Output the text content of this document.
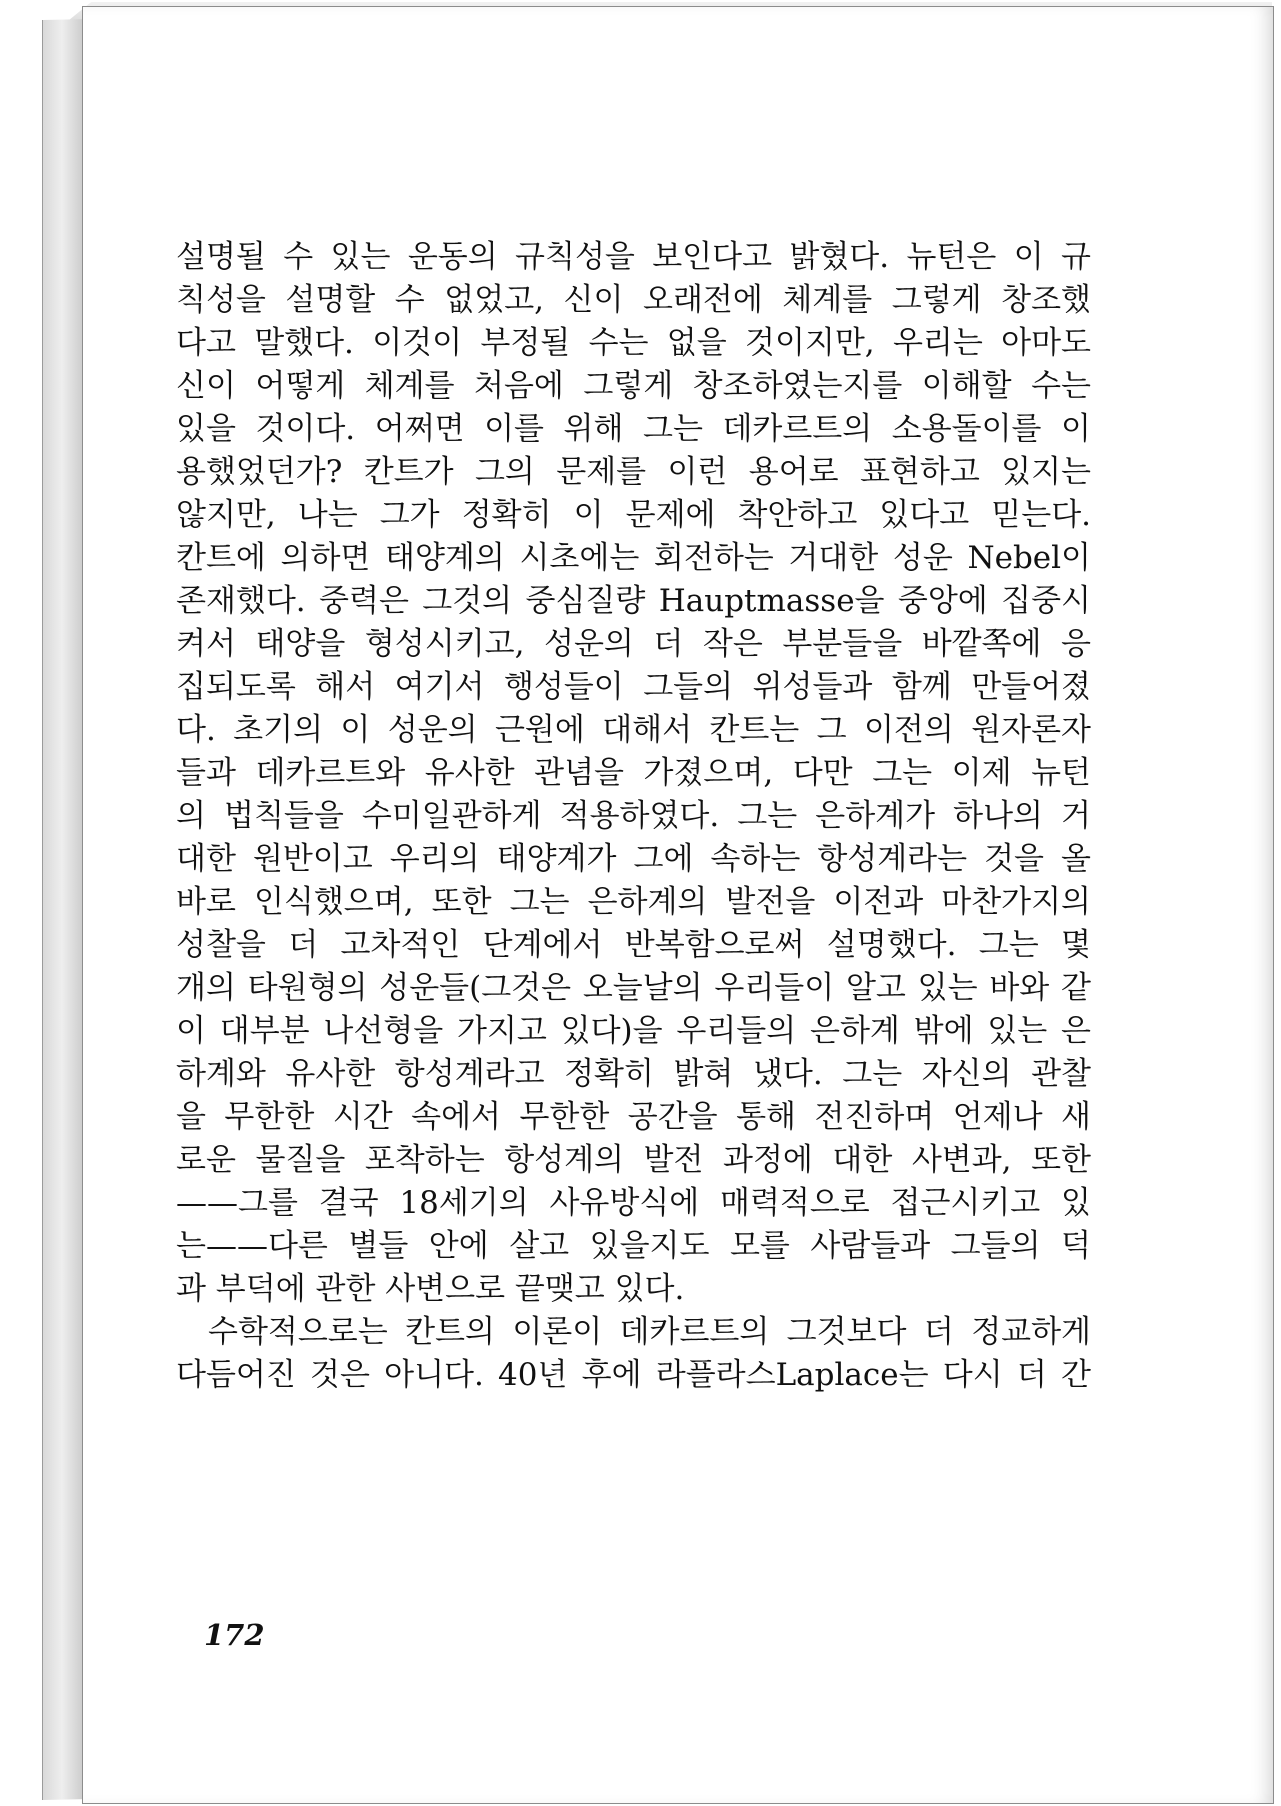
설명될 수 있는 운동의 규칙성을 보인다고 밝혔다. 뉴턴은 이 규
칙성을 설명할 수 없었고, 신이 오래전에 체계를 그렇게 창조했
다고 말했다. 이것이 부정될 수는 없을 것이지만, 우리는 아마도
신이 어떻게 체계를 처음에 그렇게 창조하였는지를 이해할 수는
있을 것이다. 어쩌면 이를 위해 그는 데카르트의 소용돌이를 이
용했었던가? 칸트가 그의 문제를 이런 용어로 표현하고 있지는
않지만, 나는 그가 정확히 이 문제에 착안하고 있다고 믿는다.
칸트에 의하면 태양계의 시초에는 회전하는 거대한 성운 Nebel이
존재했다. 중력은 그것의 중심질량 Hauptmasse을 중앙에 집중시
켜서 태양을 형성시키고, 성운의 더 작은 부분들을 바깥쪽에 응
집되도록 해서 여기서 행성들이 그들의 위성들과 함께 만들어졌
다. 초기의 이 성운의 근원에 대해서 칸트는 그 이전의 원자론자
들과 데카르트와 유사한 관념을 가졌으며, 다만 그는 이제 뉴턴
의 법칙들을 수미일관하게 적용하였다. 그는 은하계가 하나의 거
대한 원반이고 우리의 태양계가 그에 속하는 항성계라는 것을 올
바로 인식했으며, 또한 그는 은하계의 발전을 이전과 마찬가지의
성찰을 더 고차적인 단계에서 반복함으로써 설명했다. 그는 몇
개의 타원형의 성운들(그것은 오늘날의 우리들이 알고 있는 바와 같
이 대부분 나선형을 가지고 있다)을 우리들의 은하계 밖에 있는 은
하계와 유사한 항성계라고 정확히 밝혀 냈다. 그는 자신의 관찰
을 무한한 시간 속에서 무한한 공간을 통해 전진하며 언제나 새
로운 물질을 포착하는 항성계의 발전 과정에 대한 사변과, 또한
——그를 결국 18세기의 사유방식에 매력적으로 접근시키고 있
는——다른 별들 안에 살고 있을지도 모를 사람들과 그들의 덕
과 부덕에 관한 사변으로 끝맺고 있다.
수학적으로는 칸트의 이론이 데카르트의 그것보다 더 정교하게
다듬어진 것은 아니다. 40년 후에 라플라스Laplace는 다시 더 간
172
